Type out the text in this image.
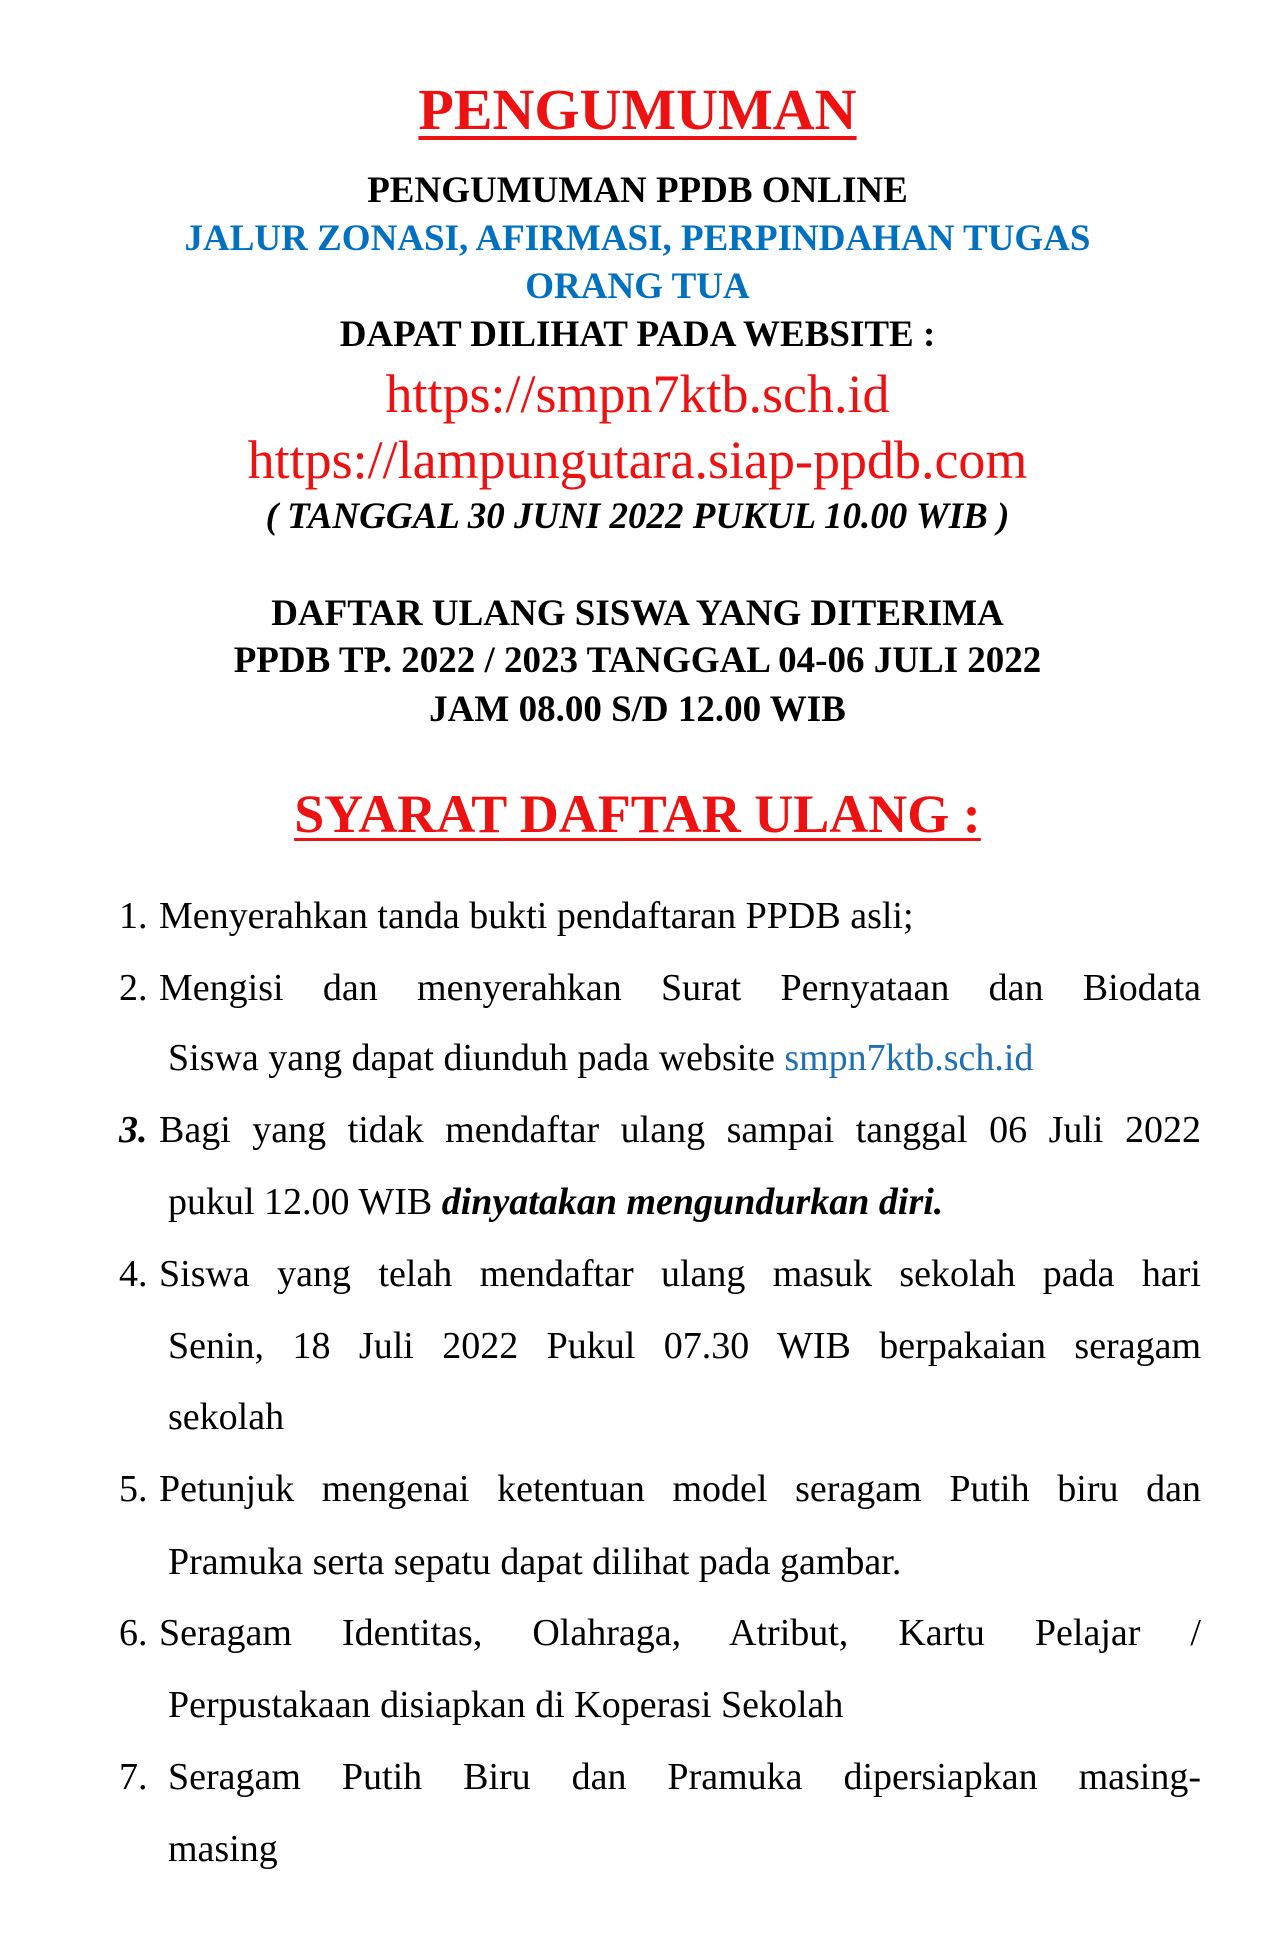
PENGUMUMAN
PENGUMUMAN PPDB ONLINE
JALUR ZONASI, AFIRMASI, PERPINDAHAN TUGAS
ORANG TUA
DAPAT DILIHAT PADA WEBSITE :
https://smpn7ktb.sch.id
https://lampungutara.siap-ppdb.com
( TANGGAL 30 JUNI 2022 PUKUL 10.00 WIB )
DAFTAR ULANG SISWA YANG DITERIMA
PPDB TP. 2022 / 2023 TANGGAL 04-06 JULI 2022
JAM 08.00 S/D 12.00 WIB
SYARAT DAFTAR ULANG :
1. Menyerahkan tanda bukti pendaftaran PPDB asli;
2. Mengisi dan menyerahkan Surat Pernyataan dan Biodata
Siswa yang dapat diunduh pada website smpn7ktb.sch.id
3. Bagi yang tidak mendaftar ulang sampai tanggal 06 Juli 2022
pukul 12.00 WIB dinyatakan mengundurkan diri.
4. Siswa yang telah mendaftar ulang masuk sekolah pada hari
Senin, 18 Juli 2022 Pukul 07.30 WIB berpakaian seragam
sekolah
5. Petunjuk mengenai ketentuan model seragam Putih biru dan
Pramuka serta sepatu dapat dilihat pada gambar.
6. Seragam Identitas, Olahraga, Atribut, Kartu Pelajar /
Perpustakaan disiapkan di Koperasi Sekolah
7. Seragam Putih Biru dan Pramuka dipersiapkan masing-
masing
